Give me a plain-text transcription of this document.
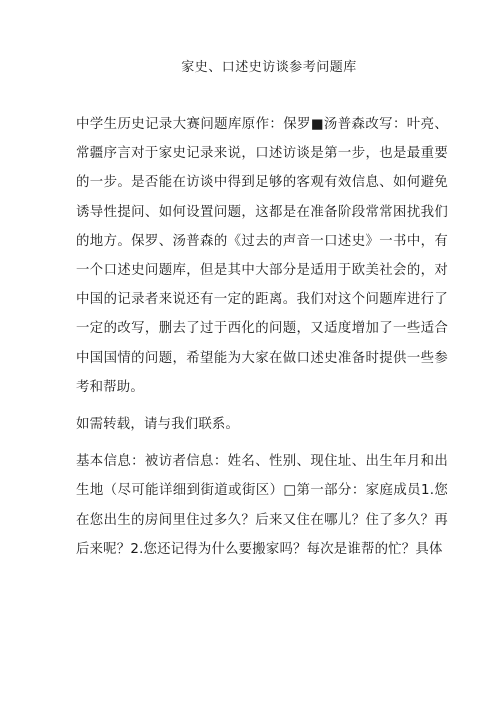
家史、口述史访谈参考问题库

中学生历史记录大赛问题库原作：保罗■汤普森改写：叶亮、常疆序言对于家史记录来说，口述访谈是第一步，也是最重要的一步。是否能在访谈中得到足够的客观有效信息、如何避免诱导性提问、如何设置问题，这都是在准备阶段常常困扰我们的地方。保罗、汤普森的《过去的声音一口述史》一书中，有一个口述史问题库，但是其中大部分是适用于欧美社会的，对中国的记录者来说还有一定的距离。我们对这个问题库进行了一定的改写，删去了过于西化的问题，又适度增加了一些适合中国国情的问题，希望能为大家在做口述史准备时提供一些参考和帮助。

如需转载，请与我们联系。

基本信息：被访者信息：姓名、性别、现住址、出生年月和出生地（尽可能详细到街道或街区）□第一部分：家庭成员1.您在您出生的房间里住过多久？后来又住在哪儿？住了多久？再后来呢？2.您还记得为什么要搬家吗？每次是谁帮的忙？具体
